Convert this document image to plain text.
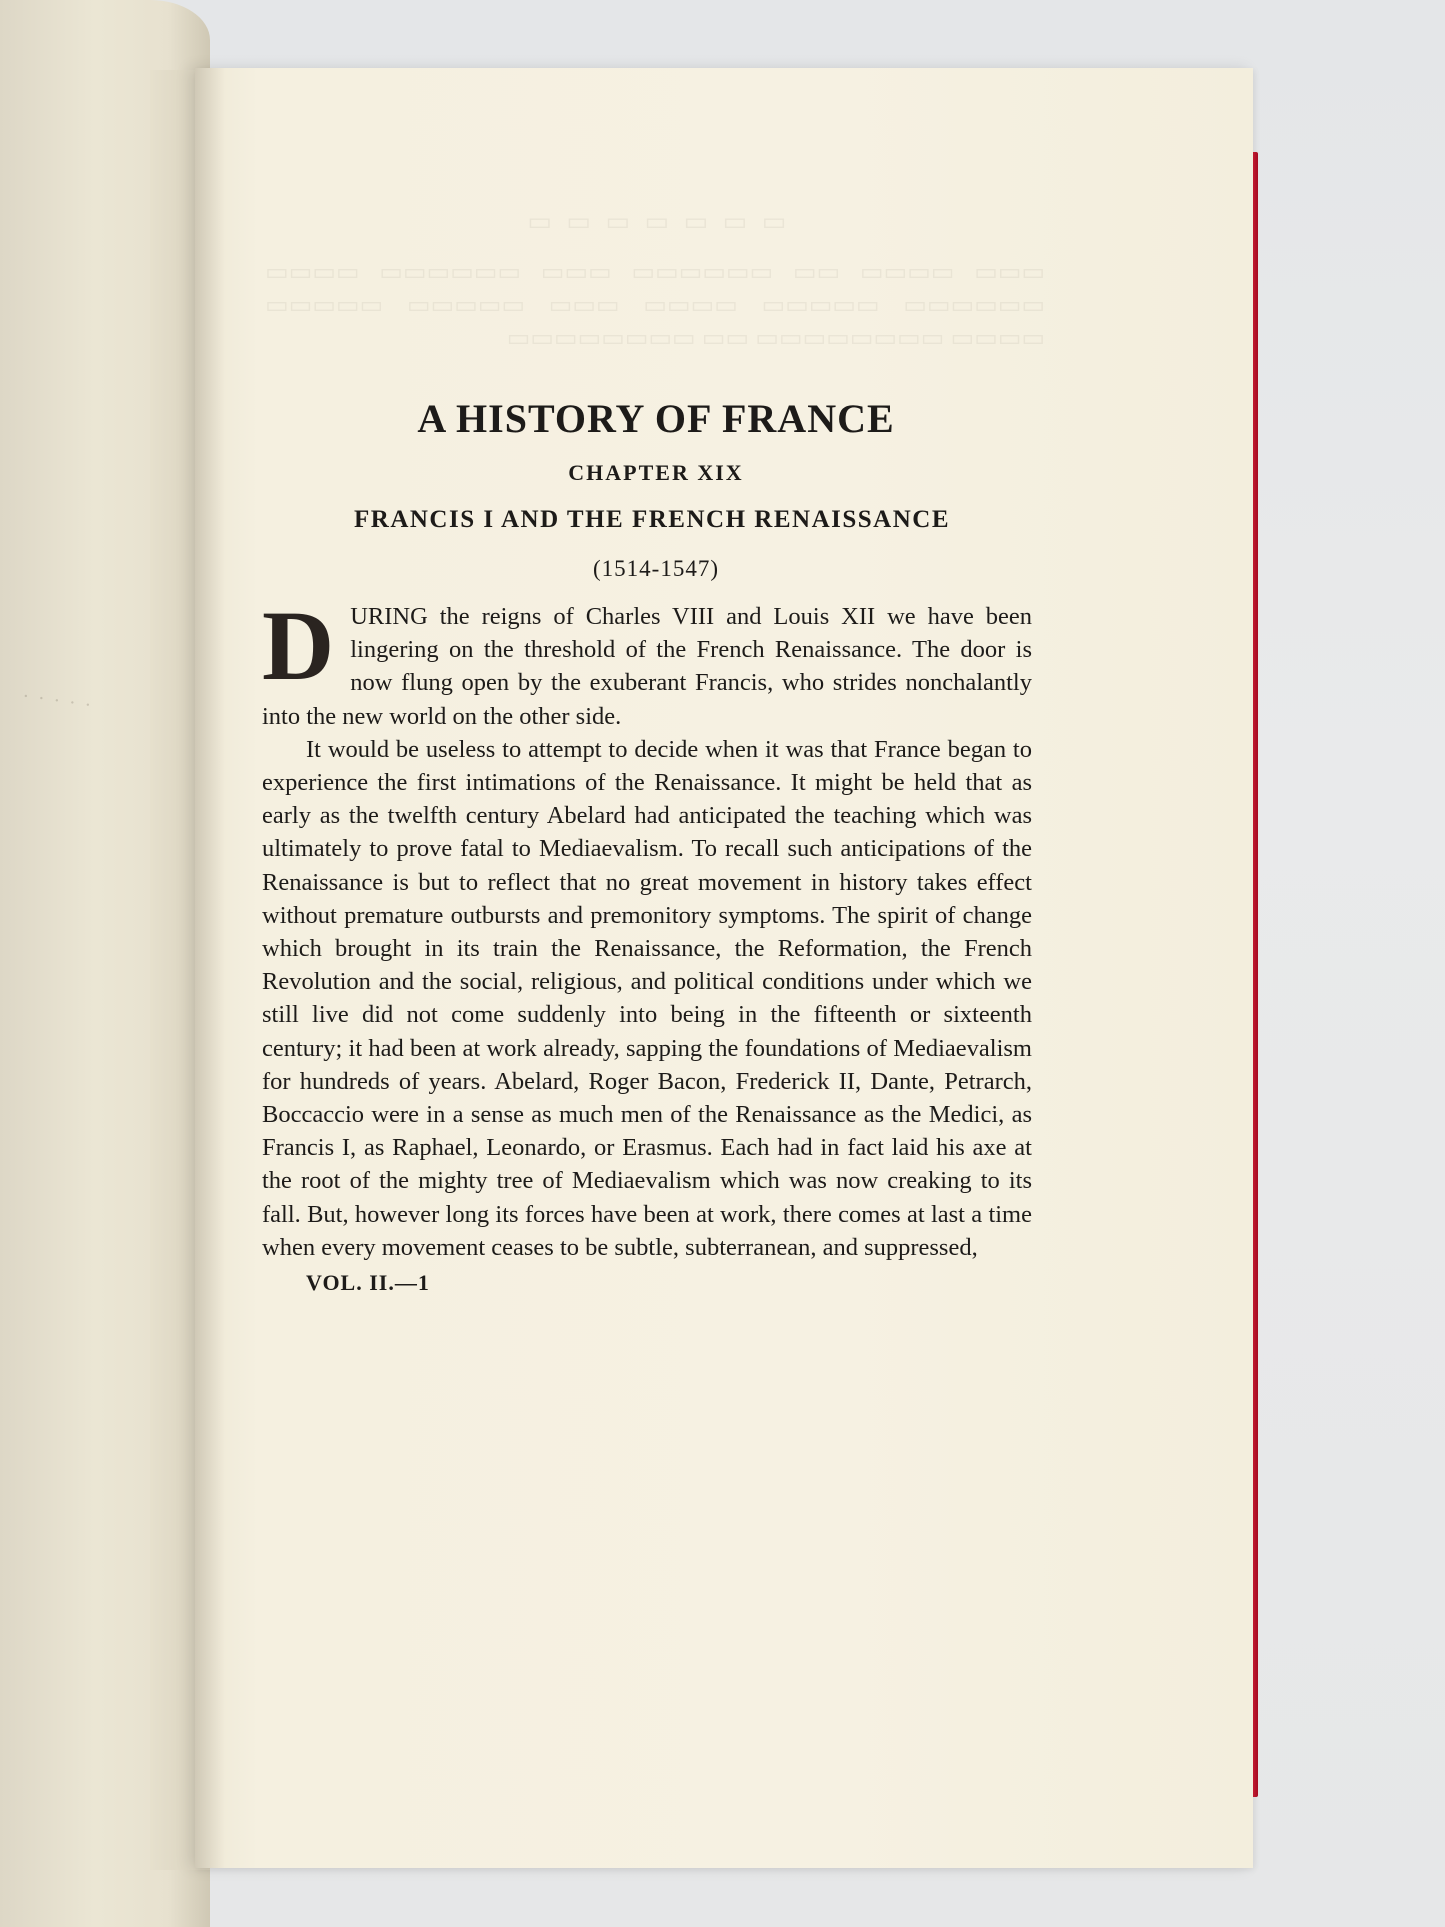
· · · · ·
▭ ▭ ▭ ▭ ▭ ▭ ▭
▭▭▭ ▭▭▭▭ ▭▭ ▭▭▭▭▭▭ ▭▭▭ ▭▭▭▭▭▭ ▭▭▭▭ ▭▭▭▭▭▭ ▭▭▭▭▭ ▭▭▭▭ ▭▭▭ ▭▭▭▭▭ ▭▭▭▭▭ ▭▭▭▭ ▭▭▭▭▭▭▭▭ ▭▭ ▭▭▭▭▭▭▭▭
A HISTORY OF FRANCE
CHAPTER XIX
FRANCIS I AND THE FRENCH RENAISSANCE
(1514-1547)

DURING the reigns of Charles VIII and Louis XII we have been lingering on the threshold of the French Renaissance. The door is now flung open by the exuberant Francis, who strides nonchalantly into the new world on the other side.

It would be useless to attempt to decide when it was that France began to experience the first intimations of the Renaissance. It might be held that as early as the twelfth century Abelard had anticipated the teaching which was ultimately to prove fatal to Mediaevalism. To recall such anticipations of the Renaissance is but to reflect that no great movement in history takes effect without premature outbursts and premonitory symptoms. The spirit of change which brought in its train the Renaissance, the Reformation, the French Revolution and the social, religious, and political conditions under which we still live did not come suddenly into being in the fifteenth or sixteenth century; it had been at work already, sapping the foundations of Mediaevalism for hundreds of years. Abelard, Roger Bacon, Frederick II, Dante, Petrarch, Boccaccio were in a sense as much men of the Renaissance as the Medici, as Francis I, as Raphael, Leonardo, or Erasmus. Each had in fact laid his axe at the root of the mighty tree of Mediaevalism which was now creaking to its fall. But, however long its forces have been at work, there comes at last a time when every movement ceases to be subtle, subterranean, and suppressed,

VOL. II.—1
